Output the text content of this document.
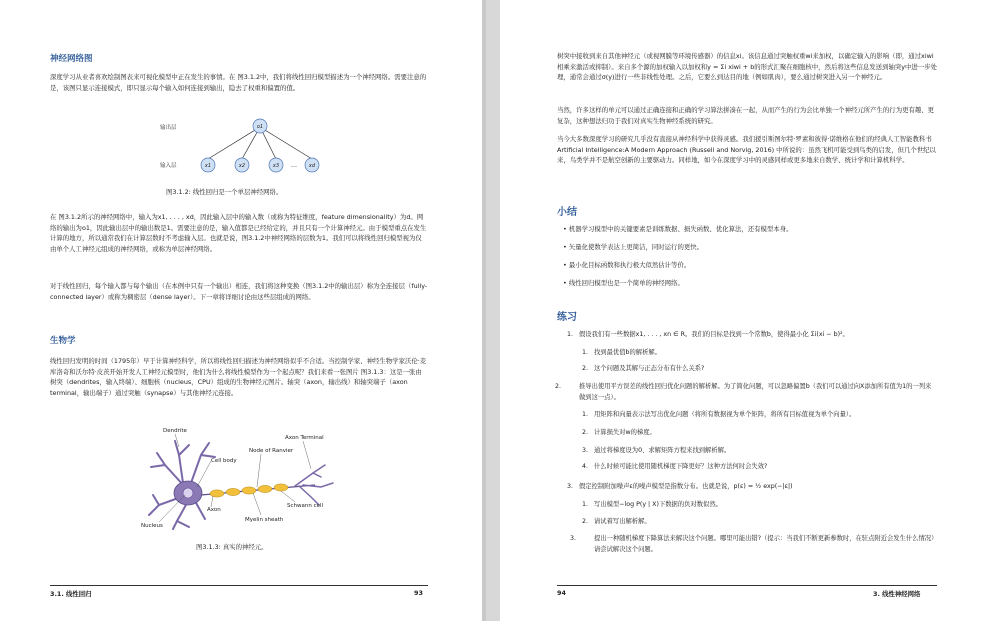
神经网络图
深度学习从业者喜欢绘制图表来可视化模型中正在发生的事情。在 图3.1.2中，我们将线性回归模型描述为一个神经网络。需要注意的是，该图只显示连接模式，即只显示每个输入如何连接到输出，隐去了权重和偏置的值。
输出层
输入层
o1
x1	x2	x3 … xd
图3.1.2: 线性回归是一个单层神经网络。
在 图3.1.2所示的神经网络中，输入为x1, . . . , xd，因此输入层中的输入数（或称为特征维度，feature dimensionality）为d。网络的输出为o1，因此输出层中的输出数是1。需要注意的是，输入值都是已经给定的，并且只有一个计算神经元。由于模型重点在发生计算的地方，所以通常我们在计算层数时不考虑输入层。也就是说，图3.1.2中神经网络的层数为1。我们可以将线性回归模型视为仅由单个人工神经元组成的神经网络，或称为单层神经网络。
对于线性回归，每个输入都与每个输出（在本例中只有一个输出）相连，我们将这种变换（图3.1.2中的输出层）称为全连接层（fully-connected layer）或称为稠密层（dense layer）。下一章将详细讨论由这些层组成的网络。
生物学
线性回归发明的时间（1795年）早于计算神经科学，所以将线性回归描述为神经网络似乎不合适。当控制学家、神经生物学家沃伦·麦库洛奇和沃尔特·皮茨开始开发人工神经元模型时，他们为什么将线性模型作为一个起点呢？我们来看一张图片 图3.1.3：这是一张由树突（dendrites，输入终端）、细胞核（nucleus，CPU）组成的生物神经元图片。轴突（axon，输出线）和轴突端子（axon terminal，输出端子）通过突触（synapse）与其他神经元连接。
Dendrite
Cell body
Node of Ranvier
Axon Terminal
Schwann cell
Myelin sheath
Axon
Nucleus
图3.1.3: 真实的神经元。
3.1. 线性回归	93
树突中接收到来自其他神经元（或视网膜等环境传感器）的信息xi。该信息通过突触权重wi来加权，以确定输入的影响（即，通过xiwi相乘来激活或抑制）。来自多个源的加权输入以加权和y = Σi xiwi + b的形式汇聚在细胞核中，然后将这些信息发送到轴突y中进一步处理，通常会通过σ(y)进行一些非线性处理。之后，它要么到达目的地（例如肌肉），要么通过树突进入另一个神经元。
当然，许多这样的单元可以通过正确连接和正确的学习算法拼凑在一起，从而产生的行为会比单独一个神经元所产生的行为更有趣、更复杂，这种想法归功于我们对真实生物神经系统的研究。
当今大多数深度学习的研究几乎没有直接从神经科学中获得灵感。我们援引斯图尔特·罗素和彼得·诺维格在他们的经典人工智能教科书 Artificial Intelligence:A Modern Approach (Russell and Norvig, 2016) 中所说的：虽然飞机可能受到鸟类的启发，但几个世纪以来，鸟类学并不是航空创新的主要驱动力。同样地，如今在深度学习中的灵感同样或更多地来自数学、统计学和计算机科学。
小结
• 机器学习模型中的关键要素是训练数据、损失函数、优化算法，还有模型本身。
• 矢量化使数学表达上更简洁，同时运行的更快。
• 最小化目标函数和执行极大似然估计等价。
• 线性回归模型也是一个简单的神经网络。
练习
1. 假设我们有一些数据x1, . . . , xn ∈ R。我们的目标是找到一个常数b，使得最小化 Σi(xi − b)²。
1. 找到最优值b的解析解。
2. 这个问题及其解与正态分布有什么关系?
2.	推导出使用平方误差的线性回归优化问题的解析解。为了简化问题，可以忽略偏置b（我们可以通过向X添加所有值为1的一列来做到这一点）。
1. 用矩阵和向量表示法写出优化问题（将所有数据视为单个矩阵，将所有目标值视为单个向量）。
2. 计算损失对w的梯度。
3. 通过将梯度设为0、求解矩阵方程来找到解析解。
4. 什么时候可能比使用随机梯度下降更好？这种方法何时会失效?
3. 假定控制附加噪声ε的噪声模型是指数分布。也就是说，p(ε) = ½ exp(−|ε|)
1. 写出模型−log P(y | X)下数据的负对数似然。
2. 请试着写出解析解。
3.	提出一种随机梯度下降算法来解决这个问题。哪里可能出错?（提示：当我们不断更新参数时，在驻点附近会发生什么情况）请尝试解决这个问题。
94	3. 线性神经网络
